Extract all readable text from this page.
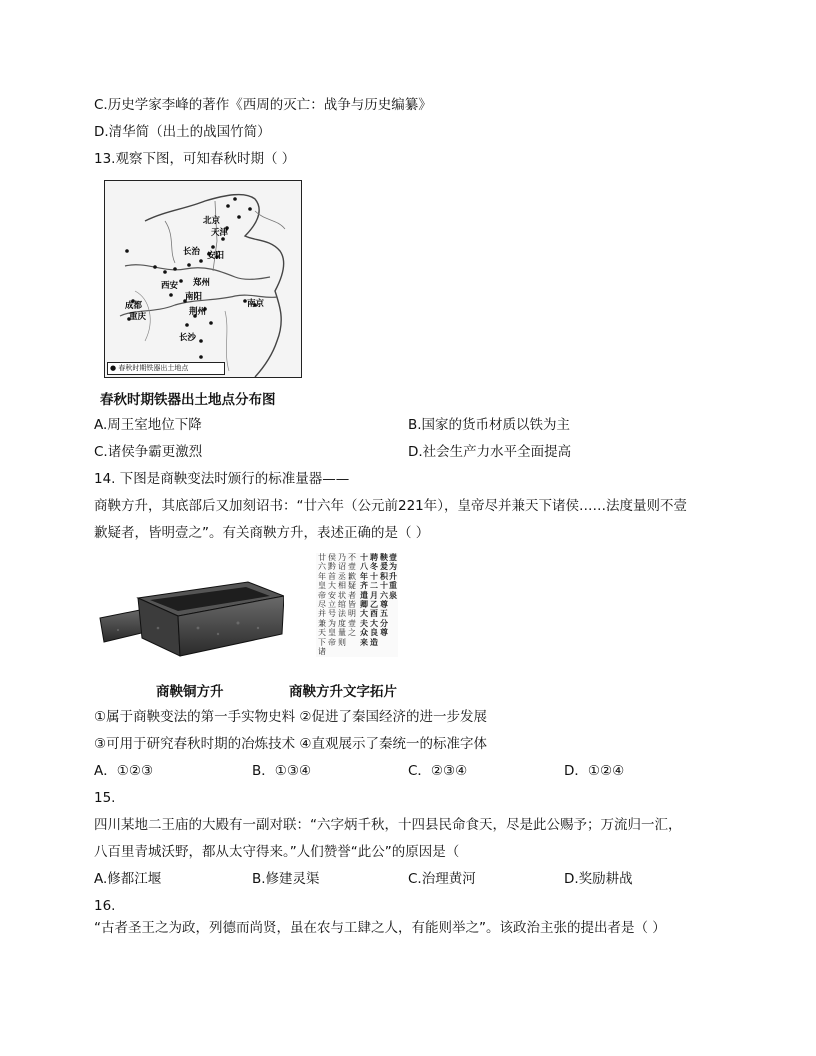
C.历史学家李峰的著作《西周的灭亡：战争与历史编纂》
D.清华简（出土的战国竹简）
13.观察下图，可知春秋时期（ ）
北京
天津
长治 安阳
西安 郑州
南阳
成都
重庆	荆州
南京
长沙
● 春秋时期铁器出土地点
春秋时期铁器出土地点分布图
A.周王室地位下降	B.国家的货币材质以铁为主
C.诸侯争霸更激烈	D.社会生产力水平全面提高
14. 下图是商鞅变法时颁行的标准量器——
商鞅方升，其底部后又加刻诏书：“廿六年（公元前221年），皇帝尽并兼天下诸侯……法度量则不壹
歉疑者，皆明壹之”。有关商鞅方升，表述正确的是（ ）
廿六年皇帝尽并兼天下诸
侯黔首大安立号为皇帝
乃诏丞相状绾法度量则
不壹歉疑者皆明壹之
十八年齐遣卿大夫众来
聘冬十二月乙酉大良造
鞅爰积十六尊五分尊
壹为升重泉
商鞅铜方升	商鞅方升文字拓片
①属于商鞅变法的第一手实物史料 ②促进了秦国经济的进一步发展
③可用于研究春秋时期的冶炼技术 ④直观展示了秦统一的标准字体
A．①②③	B．①③④	C．②③④	D．①②④
15.
四川某地二王庙的大殿有一副对联：“六字炳千秋，十四县民命食天，尽是此公赐予；万流归一汇，
八百里青城沃野，都从太守得来。”人们赞誉“此公”的原因是（
A.修都江堰	B.修建灵渠	C.治理黄河	D.奖励耕战
16.
“古者圣王之为政，列德而尚贤，虽在农与工肆之人，有能则举之”。该政治主张的提出者是（ ）
